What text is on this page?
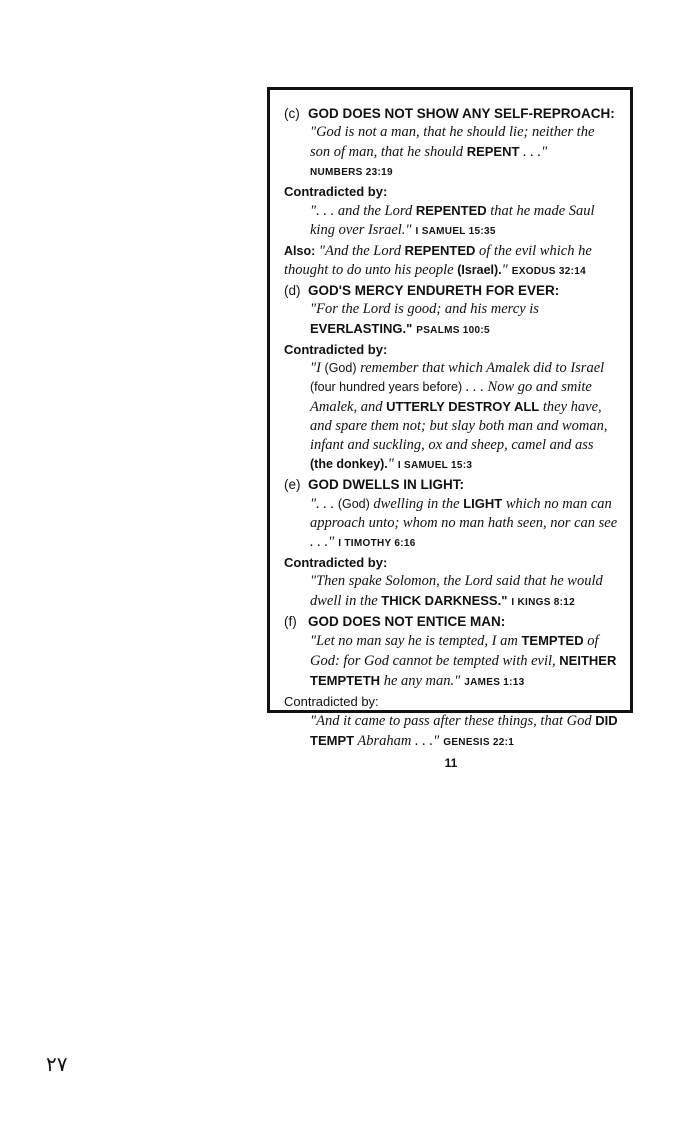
(c) GOD DOES NOT SHOW ANY SELF-REPROACH:

"God is not a man, that he should lie; neither the son of man, that he should REPENT . . ."
NUMBERS 23:19

Contradicted by:

". . . and the Lord REPENTED that he made Saul king over Israel." I SAMUEL 15:35

Also: "And the Lord REPENTED of the evil which he thought to do unto his people (Israel)." EXODUS 32:14

(d) GOD'S MERCY ENDURETH FOR EVER:

"For the Lord is good; and his mercy is EVERLASTING." PSALMS 100:5

Contradicted by:

"I (God) remember that which Amalek did to Israel (four hundred years before) . . . Now go and smite Amalek, and UTTERLY DESTROY ALL they have, and spare them not; but slay both man and woman, infant and suckling, ox and sheep, camel and ass (the donkey)." I SAMUEL 15:3

(e) GOD DWELLS IN LIGHT:

". . . (God) dwelling in the LIGHT which no man can approach unto; whom no man hath seen, nor can see . . ." I TIMOTHY 6:16

Contradicted by:

"Then spake Solomon, the Lord said that he would dwell in the THICK DARKNESS." I KINGS 8:12

(f) GOD DOES NOT ENTICE MAN:

"Let no man say he is tempted, I am TEMPTED of God: for God cannot be tempted with evil, NEITHER TEMPTETH he any man." JAMES 1:13

Contradicted by:

"And it came to pass after these things, that God DID TEMPT Abraham . . ." GENESIS 22:1

11

٢٧
